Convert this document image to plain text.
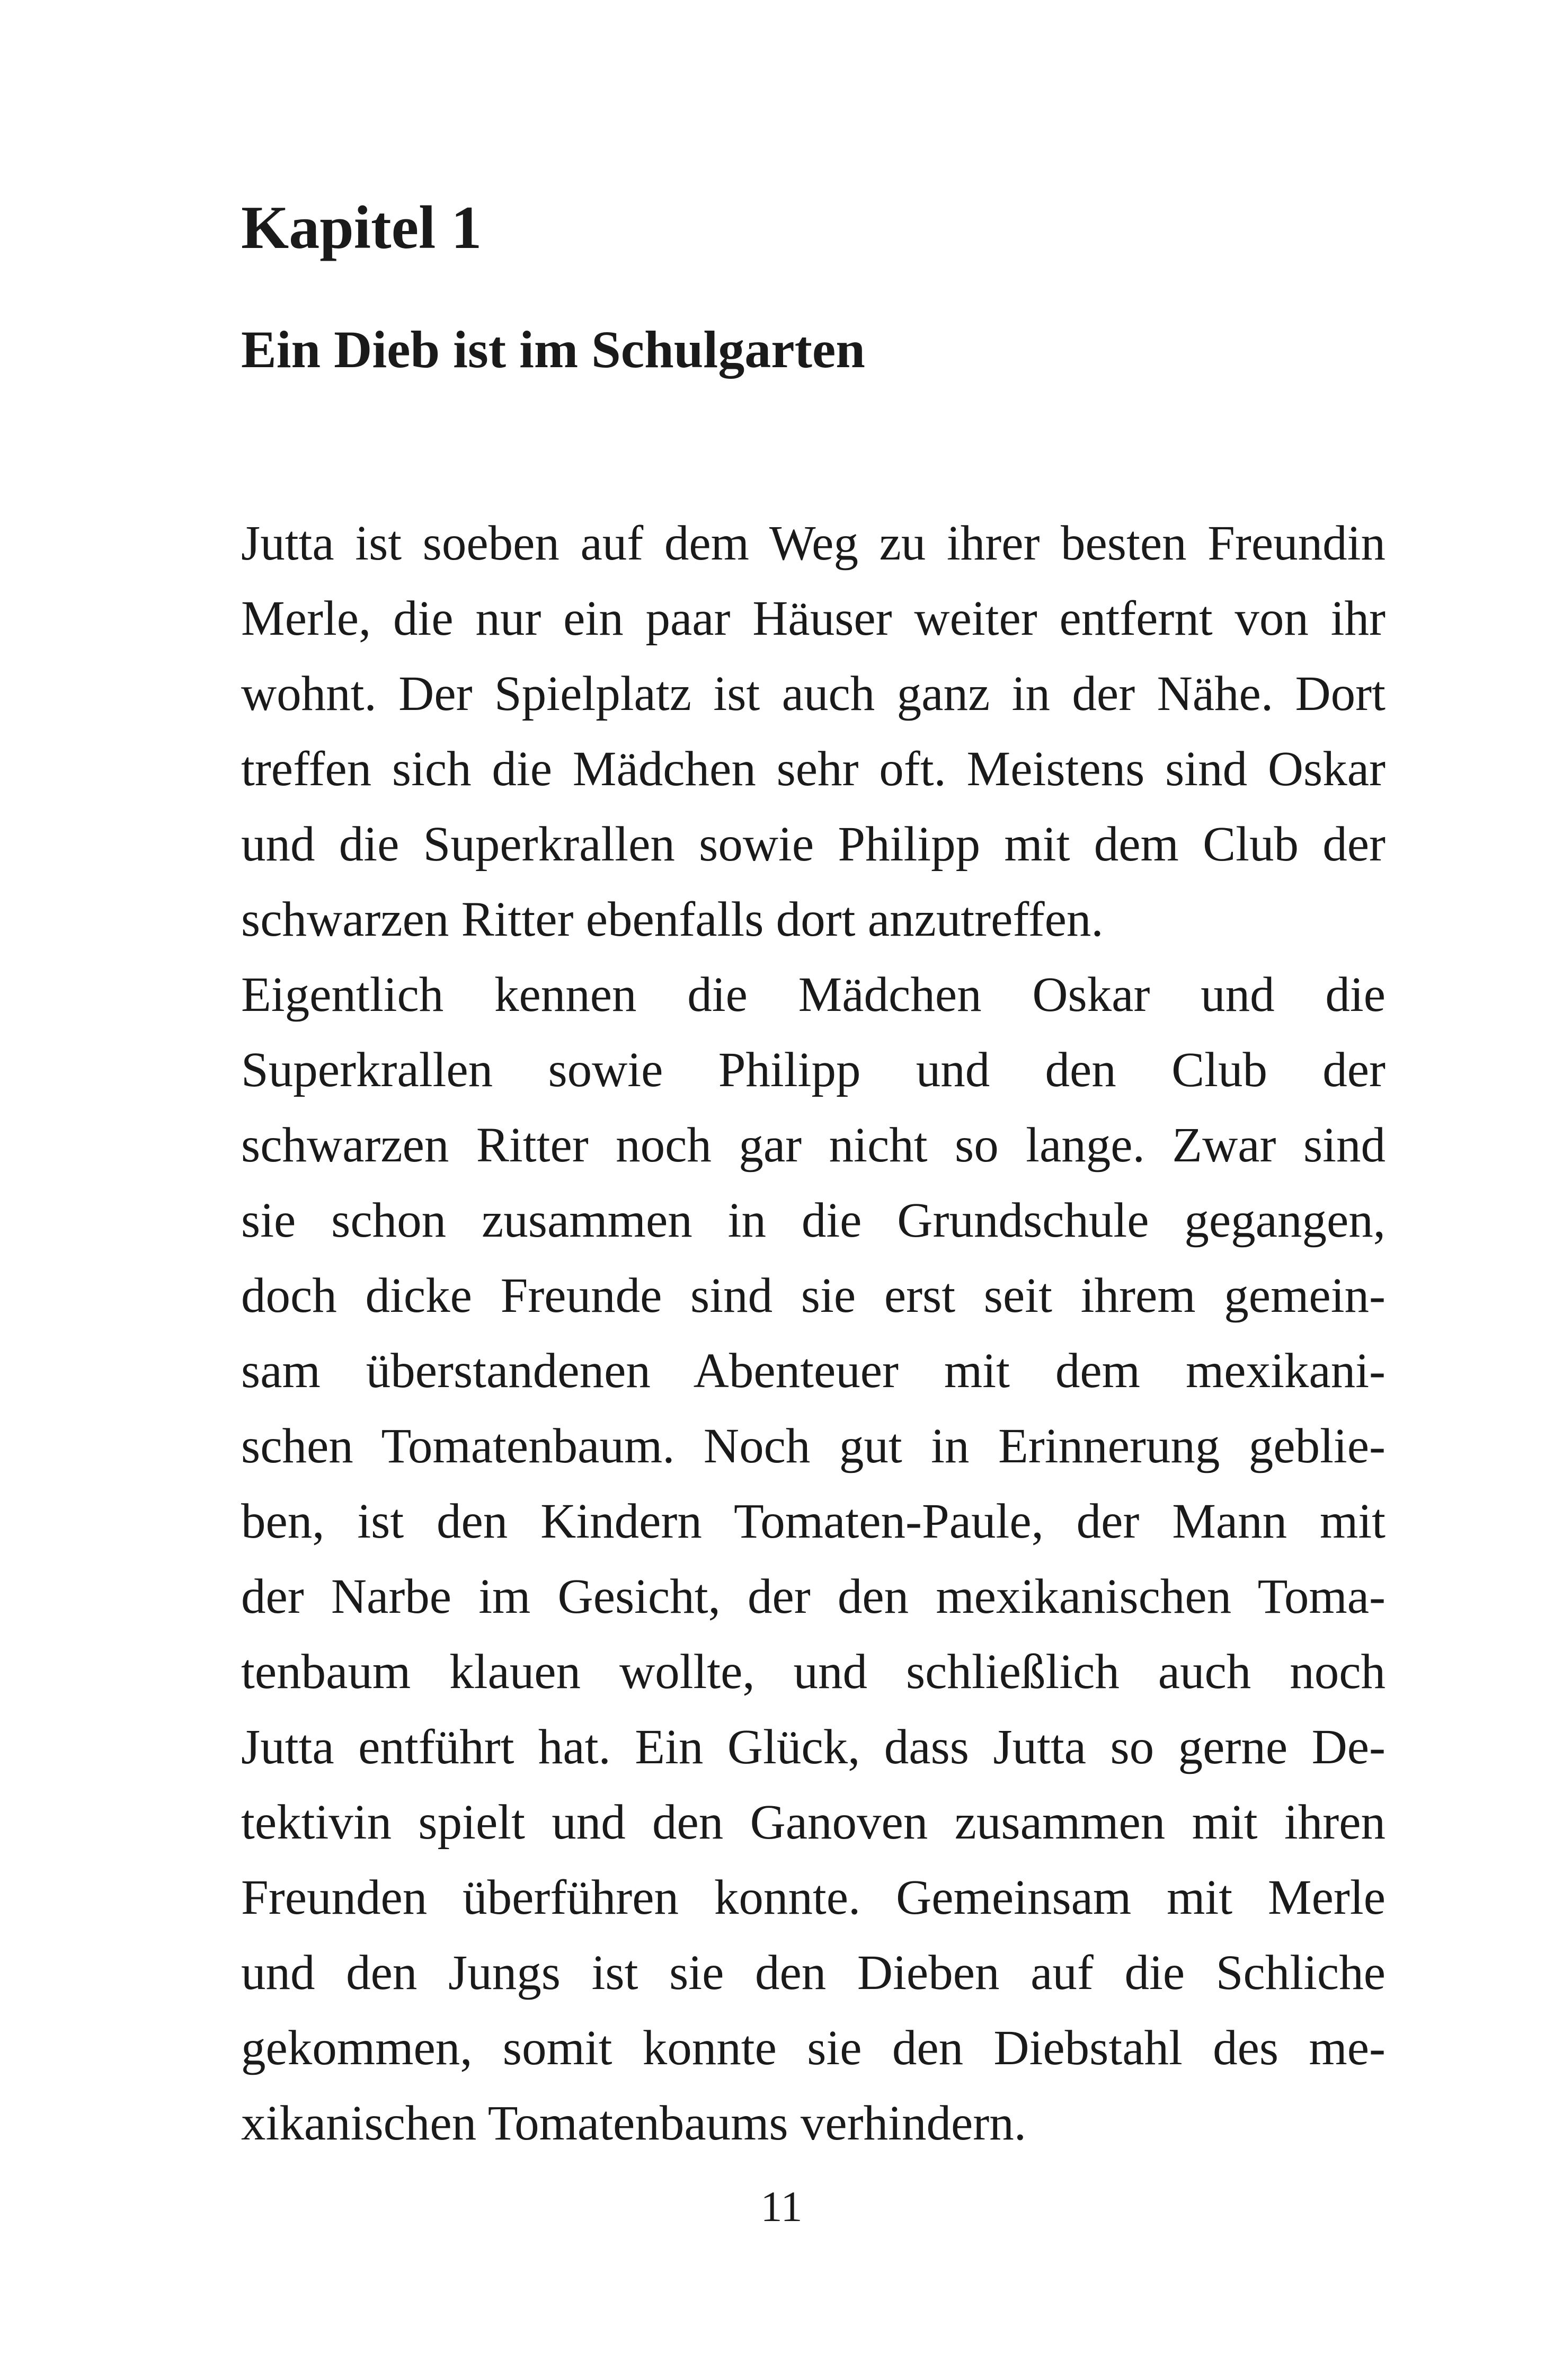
Kapitel 1
Ein Dieb ist im Schulgarten
Jutta ist soeben auf dem Weg zu ihrer besten Freundin
Merle, die nur ein paar Häuser weiter entfernt von ihr
wohnt. Der Spielplatz ist auch ganz in der Nähe. Dort
treffen sich die Mädchen sehr oft. Meistens sind Oskar
und die Superkrallen sowie Philipp mit dem Club der
schwarzen Ritter ebenfalls dort anzutreffen.
Eigentlich kennen die Mädchen Oskar und die
Superkrallen sowie Philipp und den Club der
schwarzen Ritter noch gar nicht so lange. Zwar sind
sie schon zusammen in die Grundschule gegangen,
doch dicke Freunde sind sie erst seit ihrem gemein-
sam überstandenen Abenteuer mit dem mexikani-
schen Tomatenbaum. Noch gut in Erinnerung geblie-
ben, ist den Kindern Tomaten-Paule, der Mann mit
der Narbe im Gesicht, der den mexikanischen Toma-
tenbaum klauen wollte, und schließlich auch noch
Jutta entführt hat. Ein Glück, dass Jutta so gerne De-
tektivin spielt und den Ganoven zusammen mit ihren
Freunden überführen konnte. Gemeinsam mit Merle
und den Jungs ist sie den Dieben auf die Schliche
gekommen, somit konnte sie den Diebstahl des me-
xikanischen Tomatenbaums verhindern.
11
